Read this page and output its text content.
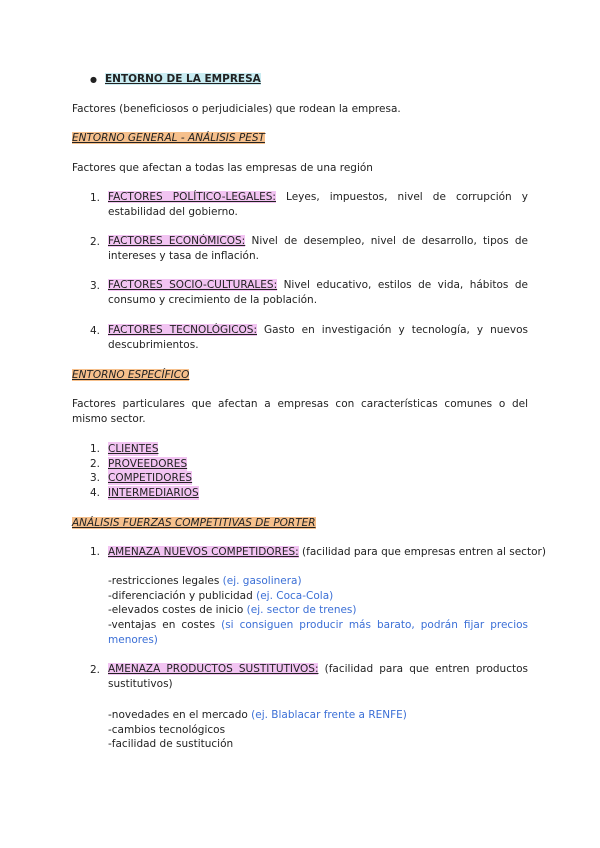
● ENTORNO DE LA EMPRESA
Factores (beneficiosos o perjudiciales) que rodean la empresa.
ENTORNO GENERAL - ANÁLISIS PEST
Factores que afectan a todas las empresas de una región
1. FACTORES POLÍTICO-LEGALES: Leyes, impuestos, nivel de corrupción y estabilidad del gobierno.
2. FACTORES ECONÓMICOS: Nivel de desempleo, nivel de desarrollo, tipos de intereses y tasa de inflación.
3. FACTORES SOCIO-CULTURALES: Nivel educativo, estilos de vida, hábitos de consumo y crecimiento de la población.
4. FACTORES TECNOLÓGICOS: Gasto en investigación y tecnología, y nuevos descubrimientos.
ENTORNO ESPECÍFICO
Factores particulares que afectan a empresas con características comunes o del mismo sector.
1. CLIENTES
2. PROVEEDORES
3. COMPETIDORES
4. INTERMEDIARIOS
ANÁLISIS FUERZAS COMPETITIVAS DE PORTER
1. AMENAZA NUEVOS COMPETIDORES: (facilidad para que empresas entren al sector)
-restricciones legales (ej. gasolinera)
-diferenciación y publicidad (ej. Coca-Cola)
-elevados costes de inicio (ej. sector de trenes)
-ventajas en costes (si consiguen producir más barato, podrán fijar precios menores)
2. AMENAZA PRODUCTOS SUSTITUTIVOS: (facilidad para que entren productos sustitutivos)
-novedades en el mercado (ej. Blablacar frente a RENFE)
-cambios tecnológicos
-facilidad de sustitución
